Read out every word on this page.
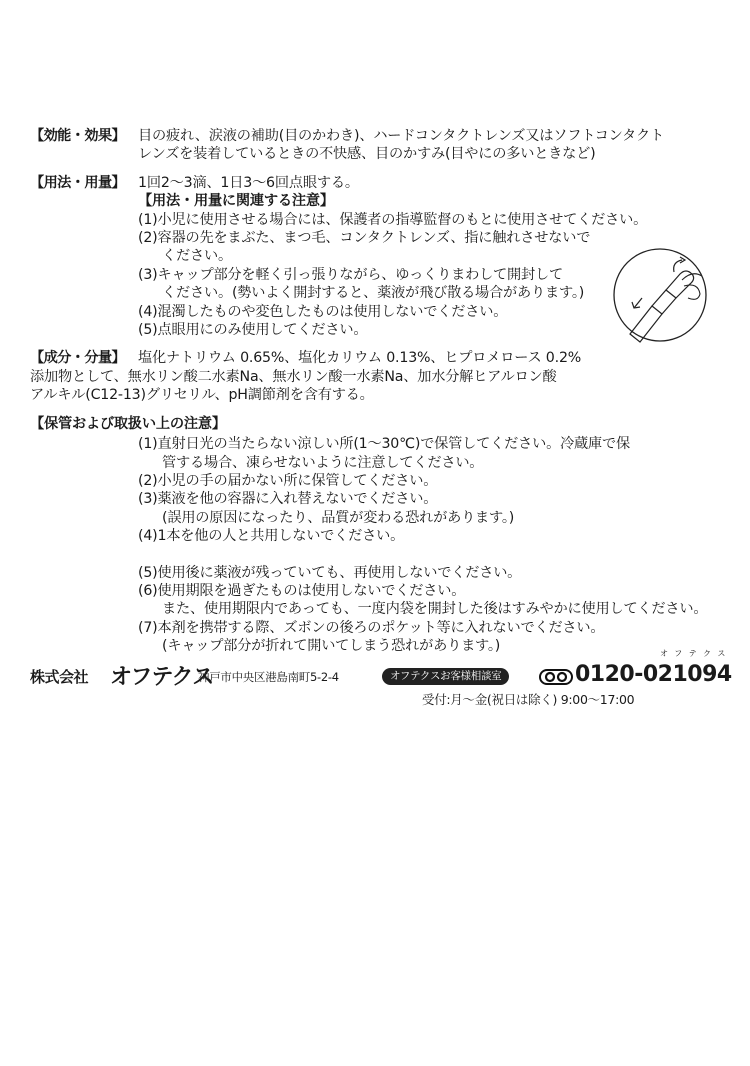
【効能・効果】 目の疲れ、涙液の補助(目のかわき)、ハードコンタクトレンズ又はソフトコンタクト
レンズを装着しているときの不快感、目のかすみ(目やにの多いときなど)
【用法・用量】 1回2～3滴、1日3～6回点眼する。
【用法・用量に関連する注意】
(1)小児に使用させる場合には、保護者の指導監督のもとに使用させてください。
(2)容器の先をまぶた、まつ毛、コンタクトレンズ、指に触れさせないで
ください。
(3)キャップ部分を軽く引っ張りながら、ゆっくりまわして開封して
ください。(勢いよく開封すると、薬液が飛び散る場合があります。)
(4)混濁したものや変色したものは使用しないでください。
(5)点眼用にのみ使用してください。
【成分・分量】 塩化ナトリウム 0.65%、塩化カリウム 0.13%、ヒプロメロース 0.2%
添加物として、無水リン酸二水素Na、無水リン酸一水素Na、加水分解ヒアルロン酸
アルキル(C12-13)グリセリル、pH調節剤を含有する。
【保管および取扱い上の注意】
(1)直射日光の当たらない涼しい所(1～30℃)で保管してください。冷蔵庫で保
管する場合、凍らせないように注意してください。
(2)小児の手の届かない所に保管してください。
(3)薬液を他の容器に入れ替えないでください。
(誤用の原因になったり、品質が変わる恐れがあります。)
(4)1本を他の人と共用しないでください。
(5)使用後に薬液が残っていても、再使用しないでください。
(6)使用期限を過ぎたものは使用しないでください。
また、使用期限内であっても、一度内袋を開封した後はすみやかに使用してください。
(7)本剤を携帯する際、ズボンの後ろのポケット等に入れないでください。
(キャップ部分が折れて開いてしまう恐れがあります。)
株式会社 オフテクス
神戸市中央区港島南町5-2-4	オフテクスお客様相談室
オフテクス
0120-021094
受付:月～金(祝日は除く) 9:00～17:00
